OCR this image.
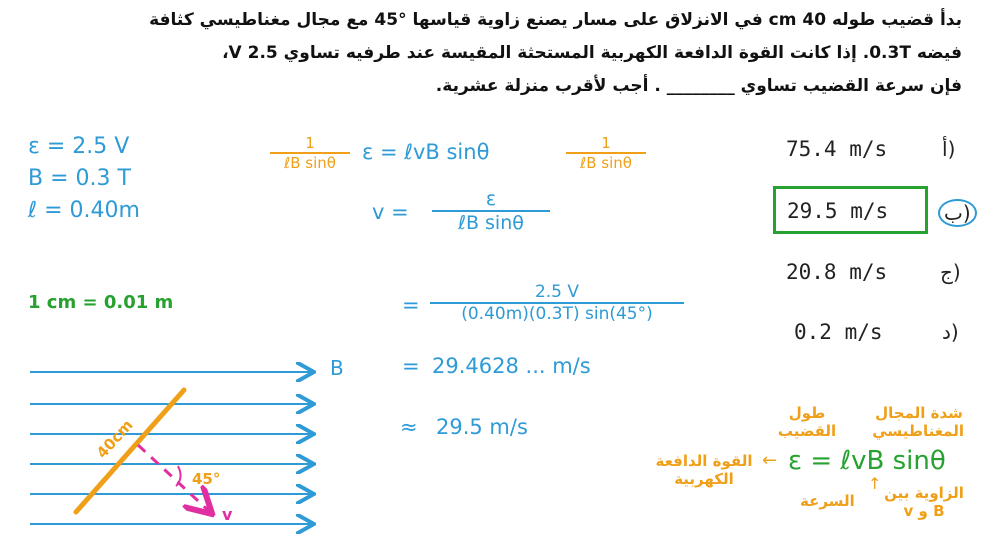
بدأ قضيب طوله 40 cm في الانزلاق على مسار يصنع زاوية قياسها °45 مع مجال مغناطيسي كثافة
فيضه 0.3T. إذا كانت القوة الدافعة الكهربية المستحثة المقيسة عند طرفيه تساوي 2.5 V،
فإن سرعة القضيب تساوي ________ . أجب لأقرب منزلة عشرية.
ε = 2.5 V
B = 0.3 T
ℓ = 0.40m
1 cm = 0.01 m
1
ℓB sinθ	ε = ℓvB sinθ	1
ℓB sinθ
v =
ε
ℓB sinθ
= $\frac{2.5 V}{(0.40m)(0.3T) \sin(45^\circ)}$
= 29.4628 ... m/s
≈ 29.5 m/s
75.4 m/s	أ)
29.5 m/s	ب)
20.8 m/s	ج)
0.2 m/s	د)
B
40cm
45°
v
ε = ℓvB sinθ
القوة الدافعة الكهربية
←
طول القضيب
شدة المجال المغناطيسي
↑
السرعة الزاوية بين B و v
